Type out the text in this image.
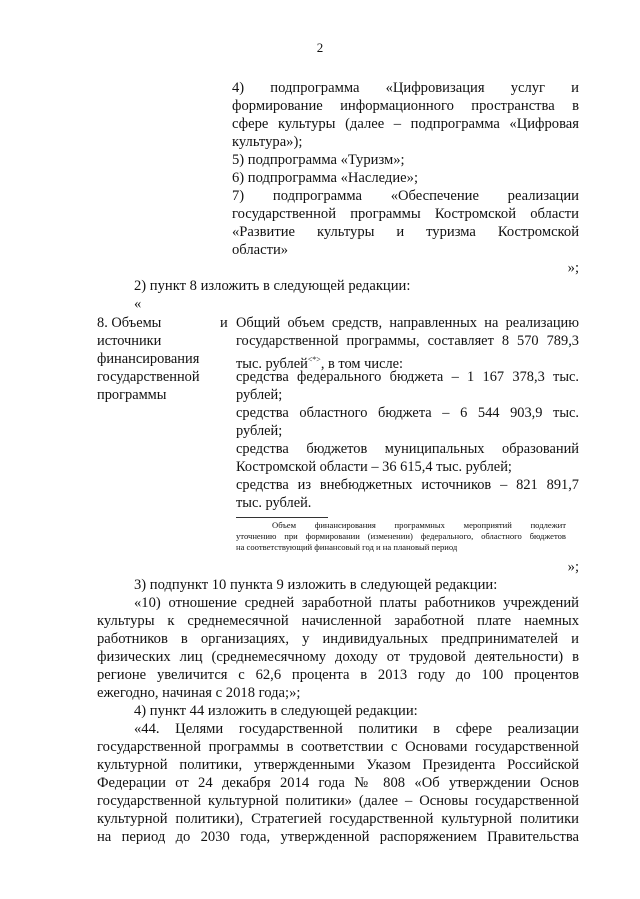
2
4) подпрограмма «Цифровизация услуг и
формирование информационного пространства в
сфере культуры (далее – подпрограмма «Цифровая
культура»);
5) подпрограмма «Туризм»;
6) подпрограмма «Наследие»;
7) подпрограмма «Обеспечение реализации
государственной программы Костромской области
«Развитие культуры и туризма Костромской
области»
»;
2) пункт 8 изложить в следующей редакции:
«
8. Объемы
источники
финансирования
государственной
программы
и Общий объем средств, направленных на реализацию
государственной программы, составляет 8 570 789,3
тыс. рублей<*>, в том числе:
средства федерального бюджета – 1 167 378,3 тыс.
рублей;
средства областного бюджета – 6 544 903,9 тыс.
рублей;
средства бюджетов муниципальных образований
Костромской области – 36 615,4 тыс. рублей;
средства из внебюджетных источников – 821 891,7
тыс. рублей.
Объем финансирования программных мероприятий подлежит
уточнению при формировании (изменении) федерального, областного бюджетов
на соответствующий финансовый год и на плановый период
»;
3) подпункт 10 пункта 9 изложить в следующей редакции:
«10) отношение средней заработной платы работников учреждений
культуры к среднемесячной начисленной заработной плате наемных
работников в организациях, у индивидуальных предпринимателей и
физических лиц (среднемесячному доходу от трудовой деятельности) в
регионе увеличится с 62,6 процента в 2013 году до 100 процентов
ежегодно, начиная с 2018 года;»;
4) пункт 44 изложить в следующей редакции:
«44. Целями государственной политики в сфере реализации
государственной программы в соответствии с Основами государственной
культурной политики, утвержденными Указом Президента Российской
Федерации от 24 декабря 2014 года № 808 «Об утверждении Основ
государственной культурной политики» (далее – Основы государственной
культурной политики), Стратегией государственной культурной политики
на период до 2030 года, утвержденной распоряжением Правительства
